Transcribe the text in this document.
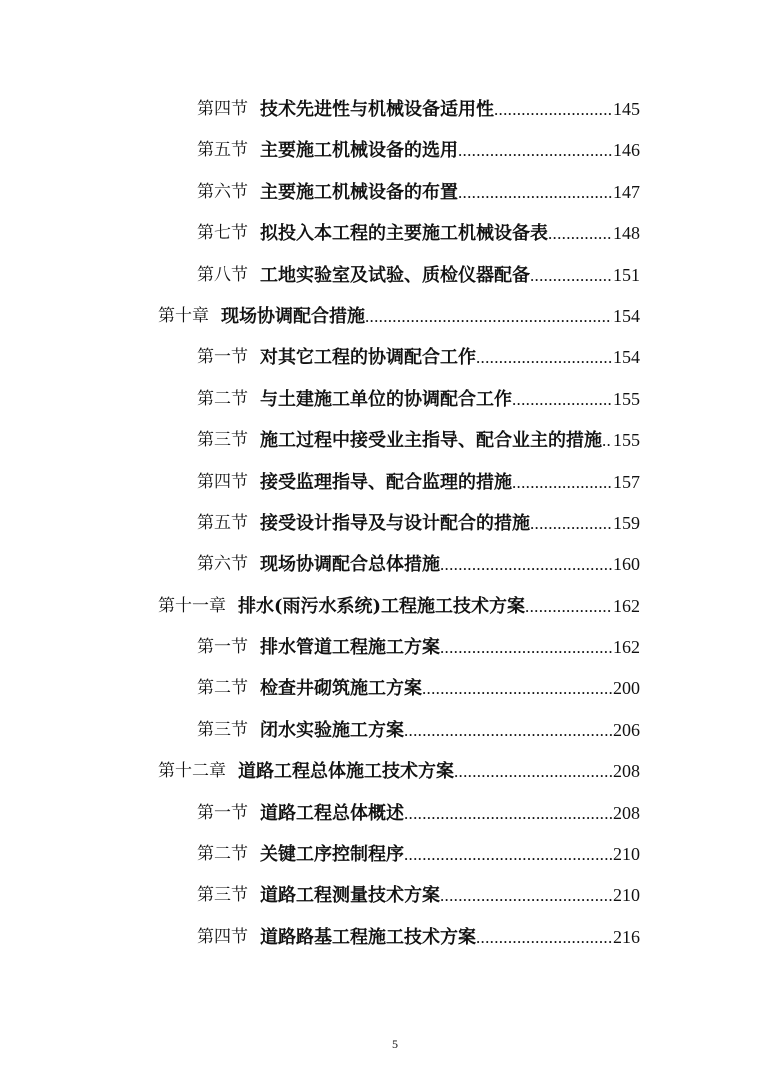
第四节 技术先进性与机械设备适用性 .....	145
第五节 主要施工机械设备的选用 .....	146
第六节 主要施工机械设备的布置 .....	147
第七节 拟投入本工程的主要施工机械设备表 .....	148
第八节 工地实验室及试验、质检仪器配备 .....	151
第十章 现场协调配合措施 .....	154
第一节 对其它工程的协调配合工作 .....	154
第二节 与土建施工单位的协调配合工作 .....	155
第三节 施工过程中接受业主指导、配合业主的措施 ..... 155
第四节 接受监理指导、配合监理的措施 .....	157
第五节 接受设计指导及与设计配合的措施 .....	159
第六节 现场协调配合总体措施 .....	160
第十一章 排水(雨污水系统)工程施工技术方案 .....	162
第一节 排水管道工程施工方案 .....	162
第二节 检查井砌筑施工方案 .....	200
第三节 闭水实验施工方案 .....	206
第十二章 道路工程总体施工技术方案 .....	208
第一节 道路工程总体概述 .....	208
第二节 关键工序控制程序 .....	210
第三节 道路工程测量技术方案 .....	210
第四节 道路路基工程施工技术方案 .....	216
5
